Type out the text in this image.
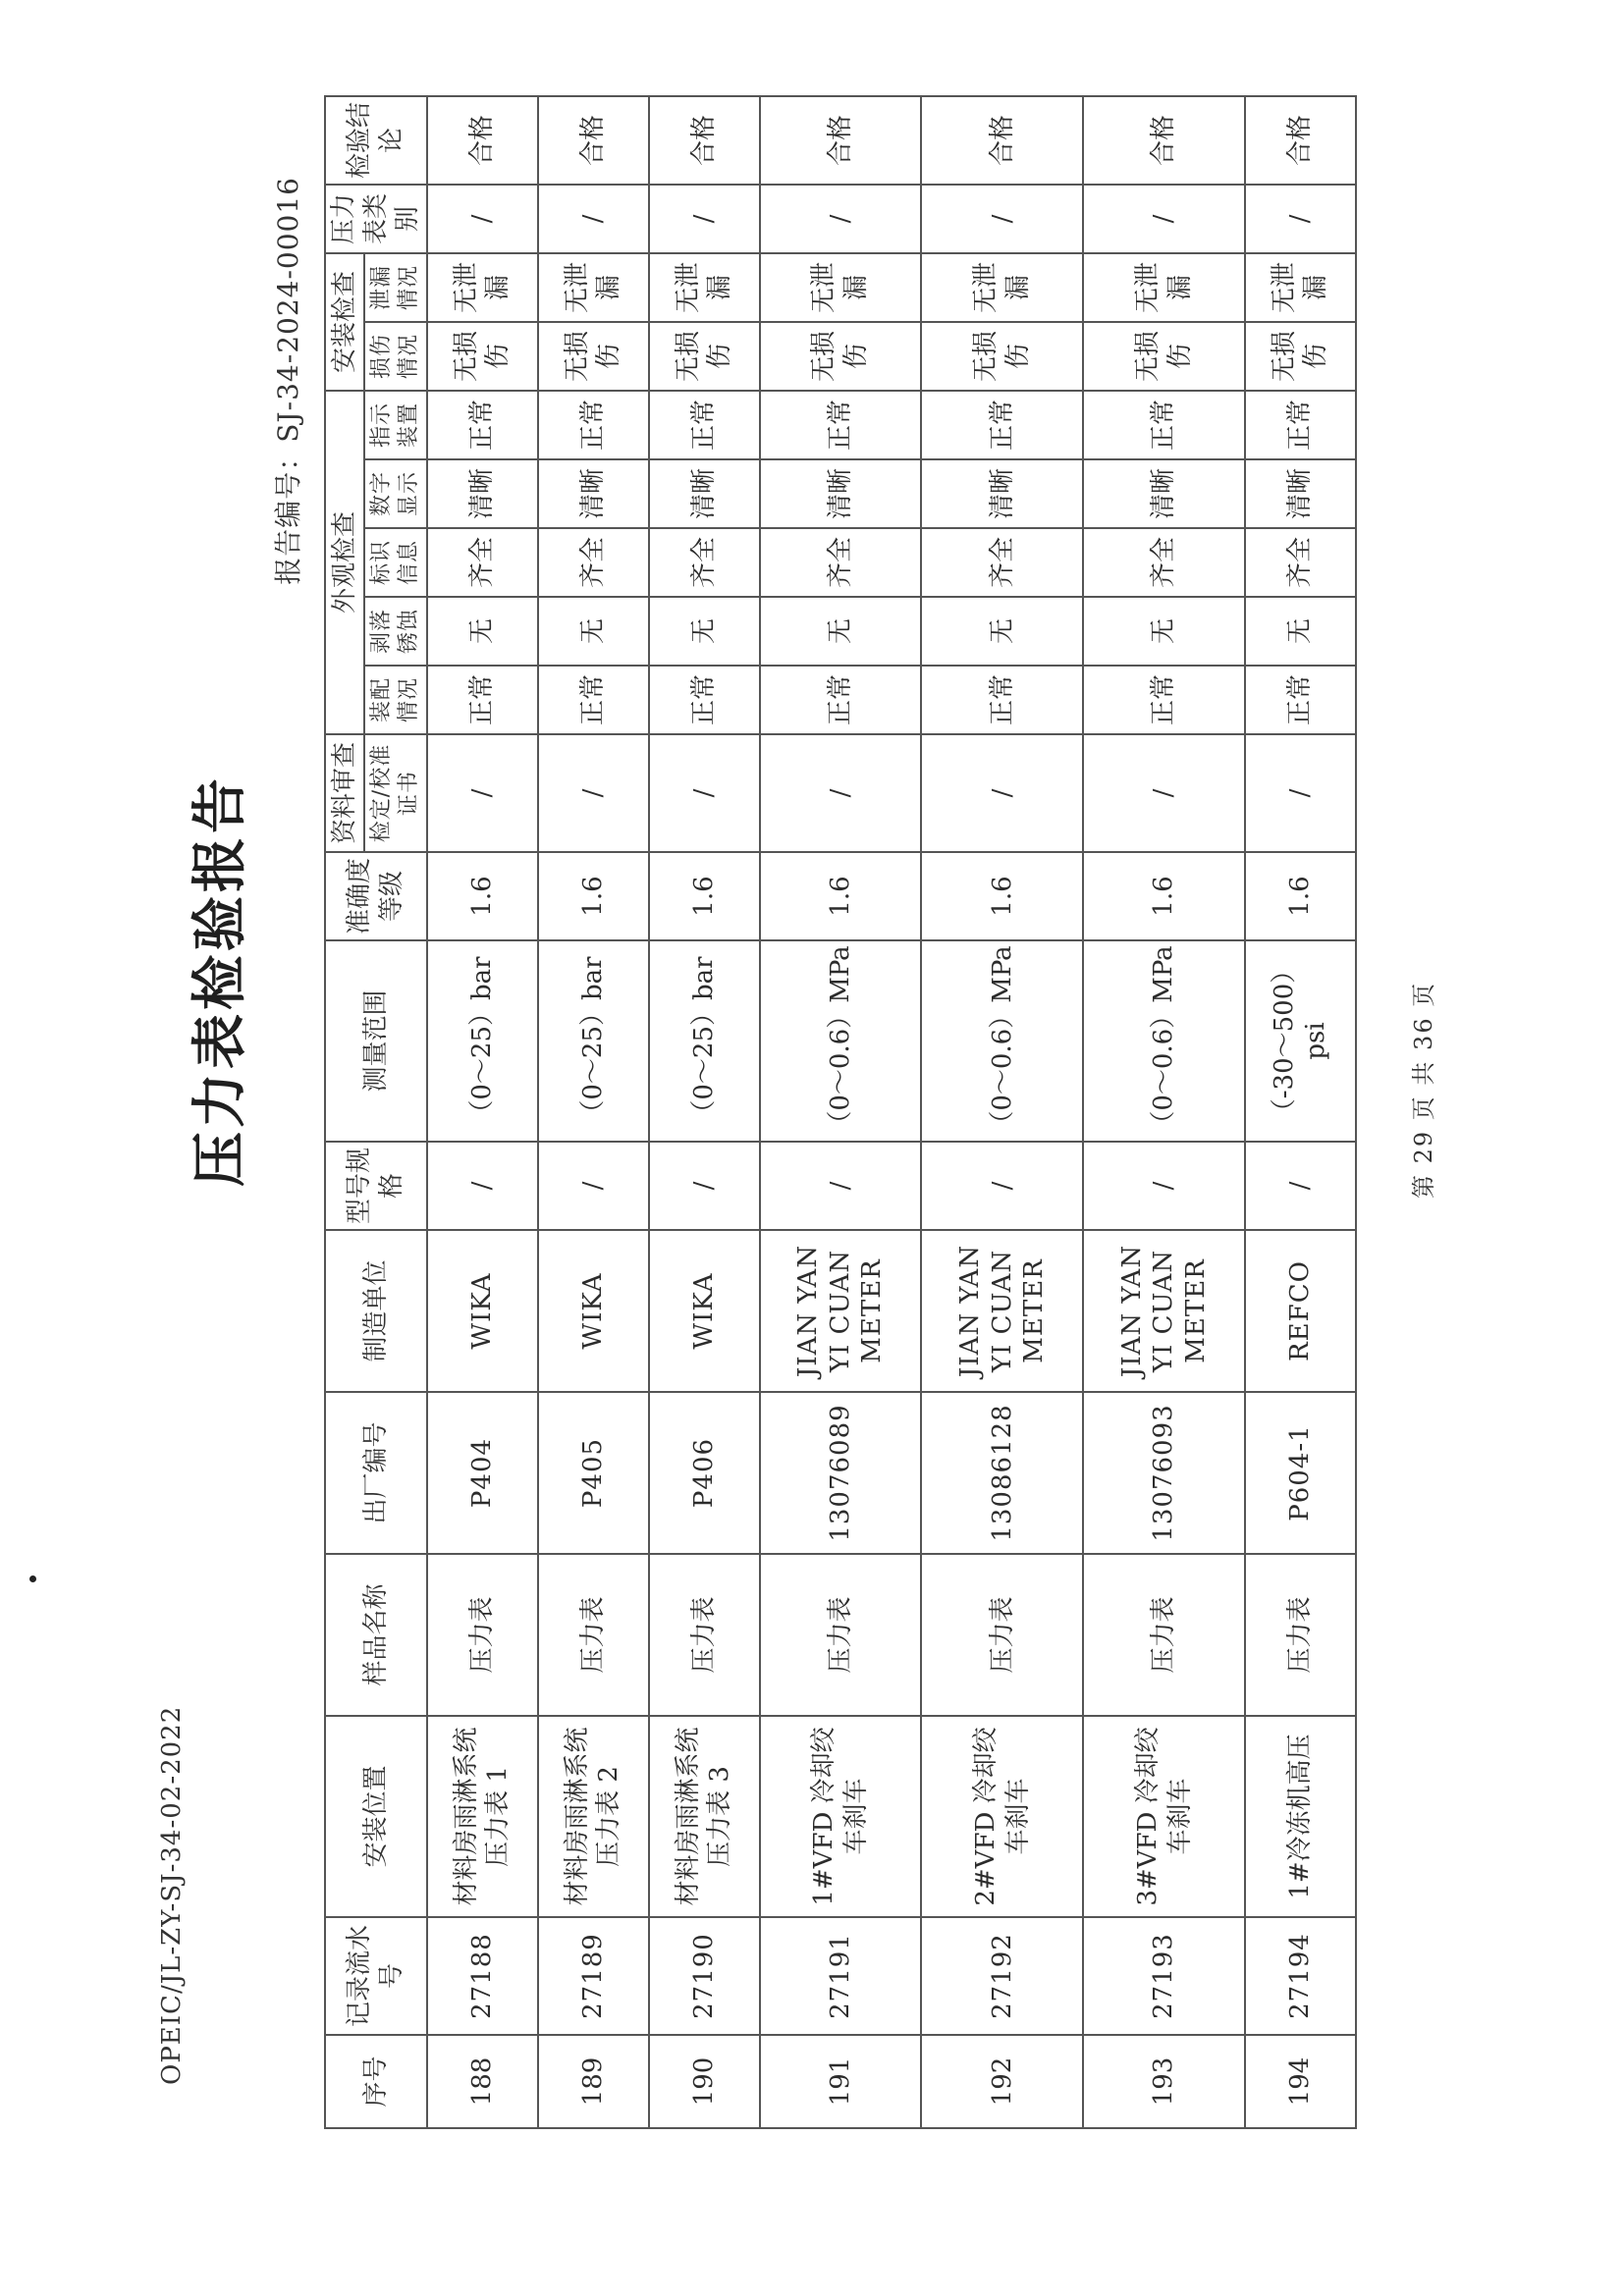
OPEIC/JL-ZY-SJ-34-02-2022
压力表检验报告
报告编号：SJ-34-2024-00016
序号	记录流水号	安装位置	样品名称	出厂编号	制造单位	型号规格	测量范围	准确度等级	资料审查	外观检查					安装检查		压力表类别	检验结论
									检定/校准证书	装配情况	剥落锈蚀	标识信息	数字显示	指示装置	损伤情况	泄漏情况		
188	27188	材料房雨淋系统压力表 1	压力表	P404	WIKA	/	（0～25）bar	1.6	/	正常	无	齐全	清晰	正常	无损伤	无泄漏	/	合格
189	27189	材料房雨淋系统压力表 2	压力表	P405	WIKA	/	（0～25）bar	1.6	/	正常	无	齐全	清晰	正常	无损伤	无泄漏	/	合格
190	27190	材料房雨淋系统压力表 3	压力表	P406	WIKA	/	（0～25）bar	1.6	/	正常	无	齐全	清晰	正常	无损伤	无泄漏	/	合格
191	27191	1#VFD 冷却绞车刹车	压力表	13076089	JIAN YAN YI CUAN METER	/	（0～0.6）MPa	1.6	/	正常	无	齐全	清晰	正常	无损伤	无泄漏	/	合格
192	27192	2#VFD 冷却绞车刹车	压力表	13086128	JIAN YAN YI CUAN METER	/	（0～0.6）MPa	1.6	/	正常	无	齐全	清晰	正常	无损伤	无泄漏	/	合格
193	27193	3#VFD 冷却绞车刹车	压力表	13076093	JIAN YAN YI CUAN METER	/	（0～0.6）MPa	1.6	/	正常	无	齐全	清晰	正常	无损伤	无泄漏	/	合格
194	27194	1#冷冻机高压	压力表	P604-1	REFCO	/	（-30～500）psi	1.6	/	正常	无	齐全	清晰	正常	无损伤	无泄漏	/	合格
第 29 页 共 36 页
